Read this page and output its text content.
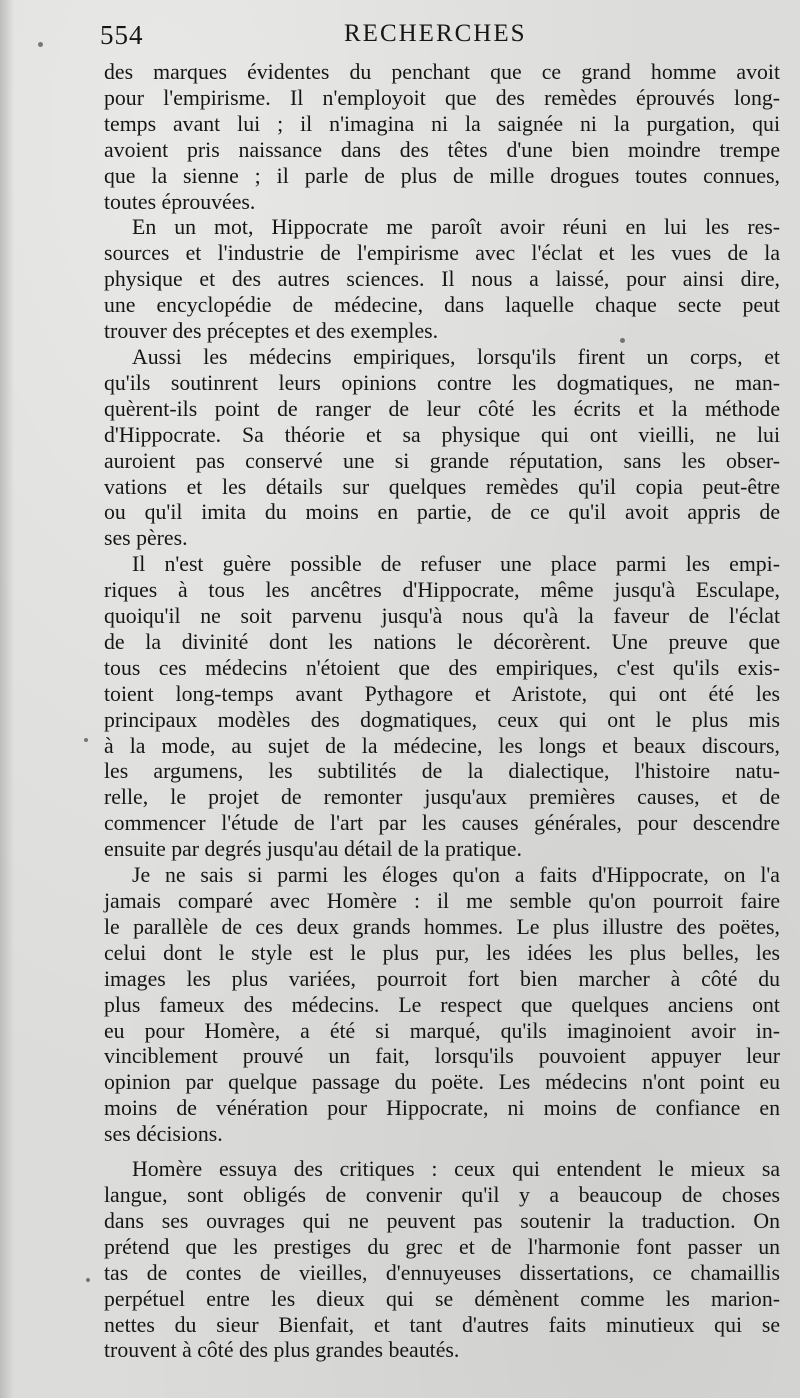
554	RECHERCHES
des marques évidentes du penchant que ce grand homme avoit
pour l'empirisme. Il n'employoit que des remèdes éprouvés long-
temps avant lui ; il n'imagina ni la saignée ni la purgation, qui
avoient pris naissance dans des têtes d'une bien moindre trempe
que la sienne ; il parle de plus de mille drogues toutes connues,
toutes éprouvées.
En un mot, Hippocrate me paroît avoir réuni en lui les res-
sources et l'industrie de l'empirisme avec l'éclat et les vues de la
physique et des autres sciences. Il nous a laissé, pour ainsi dire,
une encyclopédie de médecine, dans laquelle chaque secte peut
trouver des préceptes et des exemples.
Aussi les médecins empiriques, lorsqu'ils firent un corps, et
qu'ils soutinrent leurs opinions contre les dogmatiques, ne man-
quèrent-ils point de ranger de leur côté les écrits et la méthode
d'Hippocrate. Sa théorie et sa physique qui ont vieilli, ne lui
auroient pas conservé une si grande réputation, sans les obser-
vations et les détails sur quelques remèdes qu'il copia peut-être
ou qu'il imita du moins en partie, de ce qu'il avoit appris de
ses pères.
Il n'est guère possible de refuser une place parmi les empi-
riques à tous les ancêtres d'Hippocrate, même jusqu'à Esculape,
quoiqu'il ne soit parvenu jusqu'à nous qu'à la faveur de l'éclat
de la divinité dont les nations le décorèrent. Une preuve que
tous ces médecins n'étoient que des empiriques, c'est qu'ils exis-
toient long-temps avant Pythagore et Aristote, qui ont été les
principaux modèles des dogmatiques, ceux qui ont le plus mis
à la mode, au sujet de la médecine, les longs et beaux discours,
les argumens, les subtilités de la dialectique, l'histoire natu-
relle, le projet de remonter jusqu'aux premières causes, et de
commencer l'étude de l'art par les causes générales, pour descendre
ensuite par degrés jusqu'au détail de la pratique.
Je ne sais si parmi les éloges qu'on a faits d'Hippocrate, on l'a
jamais comparé avec Homère : il me semble qu'on pourroit faire
le parallèle de ces deux grands hommes. Le plus illustre des poëtes,
celui dont le style est le plus pur, les idées les plus belles, les
images les plus variées, pourroit fort bien marcher à côté du
plus fameux des médecins. Le respect que quelques anciens ont
eu pour Homère, a été si marqué, qu'ils imaginoient avoir in-
vinciblement prouvé un fait, lorsqu'ils pouvoient appuyer leur
opinion par quelque passage du poëte. Les médecins n'ont point eu
moins de vénération pour Hippocrate, ni moins de confiance en
ses décisions.
Homère essuya des critiques : ceux qui entendent le mieux sa
langue, sont obligés de convenir qu'il y a beaucoup de choses
dans ses ouvrages qui ne peuvent pas soutenir la traduction. On
prétend que les prestiges du grec et de l'harmonie font passer un
tas de contes de vieilles, d'ennuyeuses dissertations, ce chamaillis
perpétuel entre les dieux qui se démènent comme les marion-
nettes du sieur Bienfait, et tant d'autres faits minutieux qui se
trouvent à côté des plus grandes beautés.
